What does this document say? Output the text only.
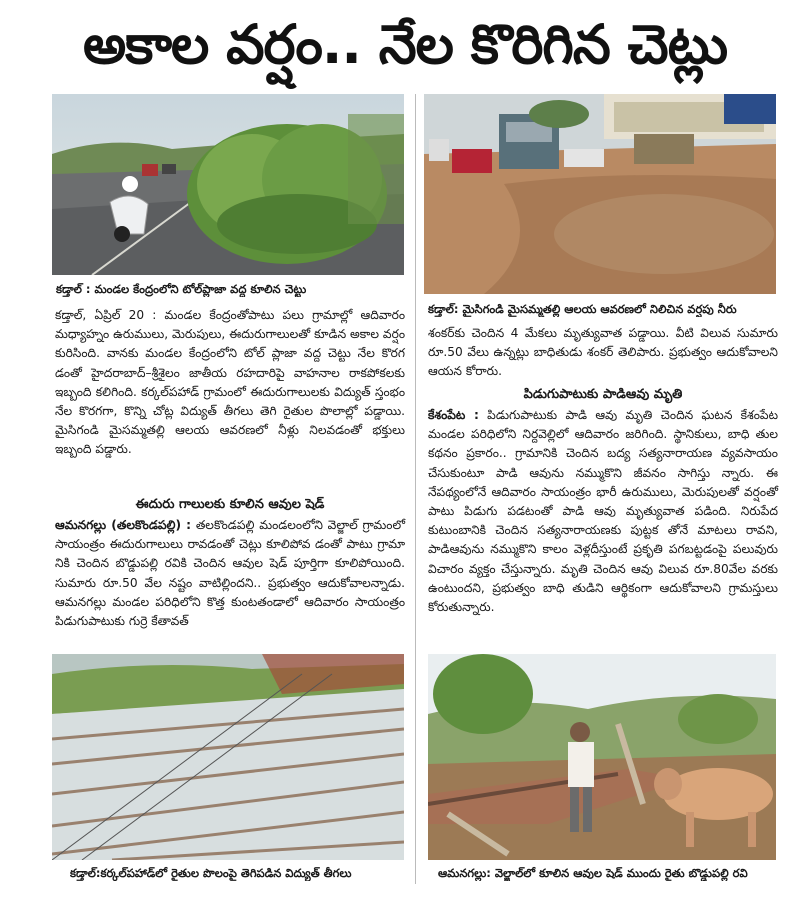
అకాల వర్షం.. నేల కొరిగిన చెట్లు
కడ్తాల్ : మండల కేంద్రంలోని టోల్‌ప్లాజా వద్ద కూలిన చెట్టు
కడ్తాల్: మైసిగండి మైసమ్మతల్లి ఆలయ ఆవరణలో నిలిచిన వర్షపు నీరు

కడ్తాల్, ఏప్రిల్ 20 : మండల కేంద్రంతోపాటు పలు గ్రామాల్లో ఆదివారం మధ్యాహ్నం ఉరుములు, మెరుపులు, ఈదురుగాలులతో కూడిన అకాల వర్షం కురిసింది. వానకు మండల కేంద్రంలోని టోల్ ప్లాజా వద్ద చెట్టు నేల కొరగ డంతో హైదరాబాద్–శ్రీశైలం జాతీయ రహదారిపై వాహనాల రాకపోకలకు ఇబ్బంది కలిగింది. కర్కల్‌పహాడ్ గ్రామంలో ఈదురుగాలులకు విద్యుత్ స్తంభం నేల కొరగగా, కొన్ని చోట్ల విద్యుత్ తీగలు తెగి రైతుల పొలాల్లో పడ్డాయి. మైసిగండి మైసమ్మతల్లి ఆలయ ఆవరణలో నీళ్లు నిలవడంతో భక్తులు ఇబ్బంది పడ్డారు.

ఈదురు గాలులకు కూలిన ఆవుల షెడ్

ఆమనగల్లు (తలకొండపల్లి) : తలకొండపల్లి మండలంలోని వెల్జాల్ గ్రామంలో సాయంత్రం ఈదురుగాలులు రావడంతో చెట్లు కూలిపోవ డంతో పాటు గ్రామా నికి చెందిన బొడ్డుపల్లి రవికి చెందిన ఆవుల షెడ్ పూర్తిగా కూలిపోయింది. సుమారు రూ.50 వేల నష్టం వాటిల్లిందని.. ప్రభుత్వం ఆదుకోవాలన్నాడు. ఆమనగల్లు మండల పరిధిలోని కొత్త కుంటతండాలో ఆదివారం సాయంత్రం పిడుగుపాటుకు గుర్రె కేతావత్

శంకర్‌కు చెందిన 4 మేకలు మృత్యువాత పడ్డాయి. వీటి విలువ సుమారు రూ.50 వేలు ఉన్నట్లు బాధితుడు శంకర్ తెలిపారు. ప్రభుత్వం ఆదుకోవాలని ఆయన కోరారు.

పిడుగుపాటుకు పాడిఆవు మృతి

కేశంపేట : పిడుగుపాటుకు పాడి ఆవు మృతి చెందిన ఘటన కేశంపేట మండల పరిధిలోని నిర్దవెల్లిలో ఆదివారం జరిగింది. స్థానికులు, బాధి తుల కథనం ప్రకారం.. గ్రామానికి చెందిన బద్య సత్యనారాయణ వ్యవసాయం చేసుకుంటూ పాడి ఆవును నమ్ముకొని జీవనం సాగిస్తు న్నారు. ఈ నేపథ్యంలోనే ఆదివారం సాయంత్రం భారీ ఉరుములు, మెరుపులతో వర్షంతో పాటు పిడుగు పడటంతో పాడి ఆవు మృత్యువాత పడింది. నిరుపేద కుటుంబానికి చెందిన సత్యనారాయణకు పుట్టక తోనే మాటలు రావని, పాడిఆవును నమ్ముకొని కాలం వెళ్లదీస్తుంటే ప్రకృతి పగబట్టడంపై పలువురు విచారం వ్యక్తం చేస్తున్నారు. మృతి చెందిన ఆవు విలువ రూ.80వేల వరకు ఉంటుందని, ప్రభుత్వం బాధి తుడిని ఆర్థికంగా ఆదుకోవాలని గ్రామస్తులు కోరుతున్నారు.

కడ్తాల్:కర్కల్‌పహాడ్‌లో రైతుల పొలంపై తెగిపడిన విద్యుత్ తీగలు	ఆమనగల్లు: వెల్జాల్‌లో కూలిన ఆవుల షెడ్ ముందు రైతు బొడ్డుపల్లి రవి
